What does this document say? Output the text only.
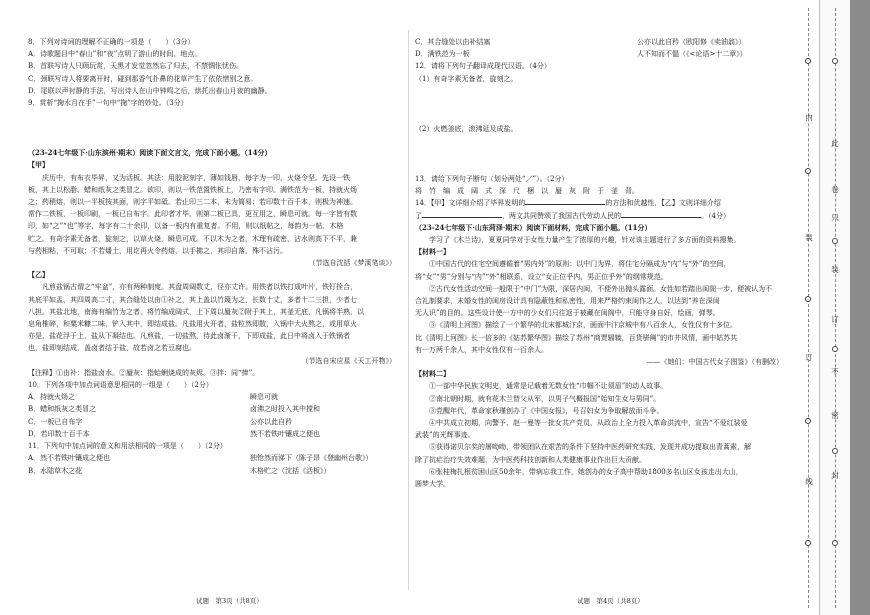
8．下列对诗词的理解不正确的一项是（　　）（3分）
A．诗歌题目中“春山”和“夜”点明了游山的时间、地点。
B．首联写诗人只顾玩赏，天黑才发觉忽然忘了归去，不禁惆怅忧伤。
C．颈联写诗人将要离开时，碰到那香气扑鼻的花草产生了依依惜别之意。
D．尾联以声衬静的手法，写出诗人在山中钟鸣之后，烘托出春山月夜的幽静。
9．赏析“掬水月在手”一句中“掬”字的妙处。（3分）
（23-24七年级下·山东滨州·期末）阅读下面文言文，完成下面小题。（14分）
【甲】
庆历中，有布衣毕昇，又为活板。其法：用胶泥刻字，薄如钱唇，每字为一印，火烧令坚。先设一铁
板，其上以松脂、蜡和纸灰之类冒之。欲印，则以一铁范置铁板上，乃密布字印。满铁范为一板，持就火炀
之；药稍熔，则以一平板按其面，则字平如砥。若止印三二本，未为简易；若印数十百千本，则极为神速。
常作二铁板，一板印刷，一板已自布字。此印者才毕，则第二板已具，更互用之，瞬息可就。每一字皆有数
印，如“之”“也”等字，每字有二十余印，以备一板内有重复者。不用，则以纸帖之，每韵为一帖，木格
贮之。有奇字素无备者，旋刻之，以草火烧，瞬息可成。不以木为之者，木理有疏密，沾水则高下不平，兼
与药相粘，不可取；不若燔土，用讫再火令药熔，以手拂之，其印自落，殊不沾污。
（节选自沈括《梦溪笔谈》）
【乙】
凡煎盐锅古谓之“牢盆”，亦有两种制度。其盘周阔数丈，径亦丈许。用铁者以铁打成叶片，铁钉拴合，
其底平如盂，其四周高二寸，其合缝处以由①补之，其上盖以竹篾为之，长数十丈，多者十二三担，少者七
八担。其盐北地，南海有编竹为之者，将竹编成阔式，上下周以蜃灰②附于其上，其釜无底，凡锅将半熟，以
皂角椎碎，和粟米糠二味，铲入其中，即结成盐。凡盐用火开者，盐粒然即散，入锅中大火熬之，或用草火
亦是，盐花浮于上，盐从下凝结也。凡煎盐，一切盐熬，待此卤渐干，下即成盐，此日中将卤入于铁锅者
也，盐即刻结成，盖卤者结于盐，故若卤之若豆腐也。
（节选自宋应星《天工开物》）
【注释】①由补：指盐卤水。②蜃灰：指蛤蜊烧成的灰烬。③拌：同“捧”。
10．下列各项中加点词语意思相同的一组是（　　）（2分）
A．持就火炀之	瞬息可就
B．蜡和纸灰之类冒之	卤沸之时投入其中搅和
C．一板已自布字	公亦以此自矜
D．若印数十百千本	然不若铁叶镶成之便也
11．下列句中加点词的意义和用法相同的一项是（　　）（2分）
A．然不若铁叶镶成之便也	独怆然而涕下（陈子昂《登幽州台歌》）
B．水陆草木之花	木格贮之（沈括《活板》）
C．其合缝处以由补结塞	公亦以此自矜（欧阳修《卖油翁》）
D．满铁范为一板	人不知而不愠（《<论语>十二章》）
12．请将下列句子翻译成现代汉语。（4分）
（1）有奇字素无备者，旋刻之。
（2）火燃釜底，滚沸延及成盐。
13．请给下列句子断句（划分两处“／”）。（2分）
将　竹　编　成　阔　式　深　尺　梱　以　蜃　灰　附　于　釜　背。
14．【甲】文详细介绍了毕昇发明的	的方法和优越性，【乙】文则详细介绍
了	，两文共同赞颂了我国古代劳动人民的	。（4分）
（23-24七年级下·山东菏泽·期末）阅读下面材料，完成下面小题。（11分）
学习了《木兰诗》，夏夏同学对于女性力量产生了浓厚的兴趣，针对该主题进行了多方面的资料搜集。
【材料一】
①中国古代的住宅空间遵循着“男内外”的原则：以中门为界，将住宅分隔成为“内”与“外”的空间，
将“女”“男”分别与“内”“外”相联系，设立“女正位乎内，男正位乎外”的纲常规范。
②古代女性活动空间一般限于“中门”为限，深居内闺，不便外出抛头露面。女性如若踏出闺阁一步，便被认为不
合礼制要求，未婚女性的闺房设计具有隐蔽性和私密性，用来严格约束闺作之人，以达到“养在深闺
无人识”的目的。这些设计使一方中的少女们只往返于被藏在闺阁中，只能守身自好，绘画，弹琴。
③《清明上河图》描绘了一个繁华的北宋都城汴京，画面中汴京城中有八百余人，女性仅有十多位。
比《清明上河图》长一倍多的《姑苏繁华图》描绘了苏州“商贾辐辏，百货骈阗”的市井风情，画中姑苏共
有一万两千余人，其中女性仅有一百余人。
——《她们：中国古代女子图鉴》（有删改）
【材料二】
①一部中华民族文明史，通常是记载着无数女性“巾帼不让须眉”的动人故事。
②南北朝时期，就有花木兰替父从军，以男子气概报国“始知生女与男同”。
③党醒年代，革命家秋瑾创办了《中国女报》，号召妇女为争取解放而斗争。
④中共成立初期，向警予、赵一曼等一批女共产党员，从政治上全力投入革命洪流中，宣告“不爱红装爱
武装”的光辉事迹。
⑤获得诺贝尔奖的屠呦呦，带领团队在艰苦的条件下坚持中医药研究实践，发现并成功提取出青蒿素，解
除了抗疟治疗失效难题，为中医药科技创新和人类健康事业作出巨大贡献。
⑥张桂梅扎根贫困山区50余年，带病忘我工作，她创办的女子高中帮助1800多名山区女孩走出大山，
圆梦大学。
试题　第3页（共8页）	试题　第4页（共8页）
内
装
订
线
此
卷
只
装
订
不
密
封
